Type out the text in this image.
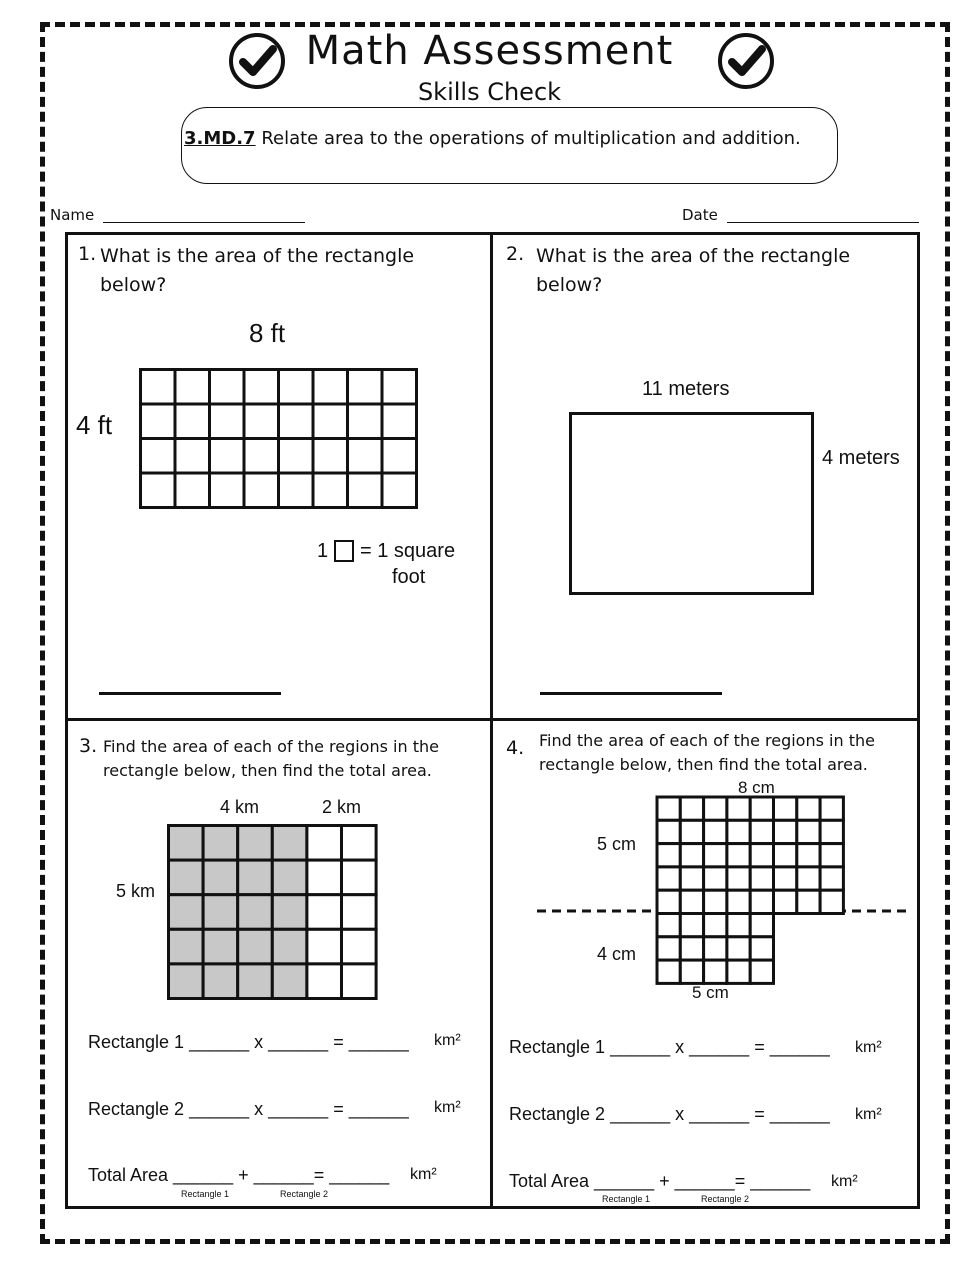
Math Assessment
Skills Check
3.MD.7 Relate area to the operations of multiplication and addition.
Name	Date
1. What is the area of the rectangle below?
8 ft
4 ft
1 = 1 square
foot
2. What is the area of the rectangle below?
11 meters
4 meters
3. Find the area of each of the regions in the rectangle below, then find the total area.
4 km	2 km
5 km
Rectangle 1 ______ x ______ = ______ km²
Rectangle 2 ______ x ______ = ______ km²
Total Area ______ + ______= ______ km²
Rectangle 1	Rectangle 2
4. Find the area of each of the regions in the rectangle below, then find the total area.
8 cm
5 cm
4 cm
5 cm
Rectangle 1 ______ x ______ = ______ km²
Rectangle 2 ______ x ______ = ______ km²
Total Area ______ + ______= ______ km²
Rectangle 1	Rectangle 2
